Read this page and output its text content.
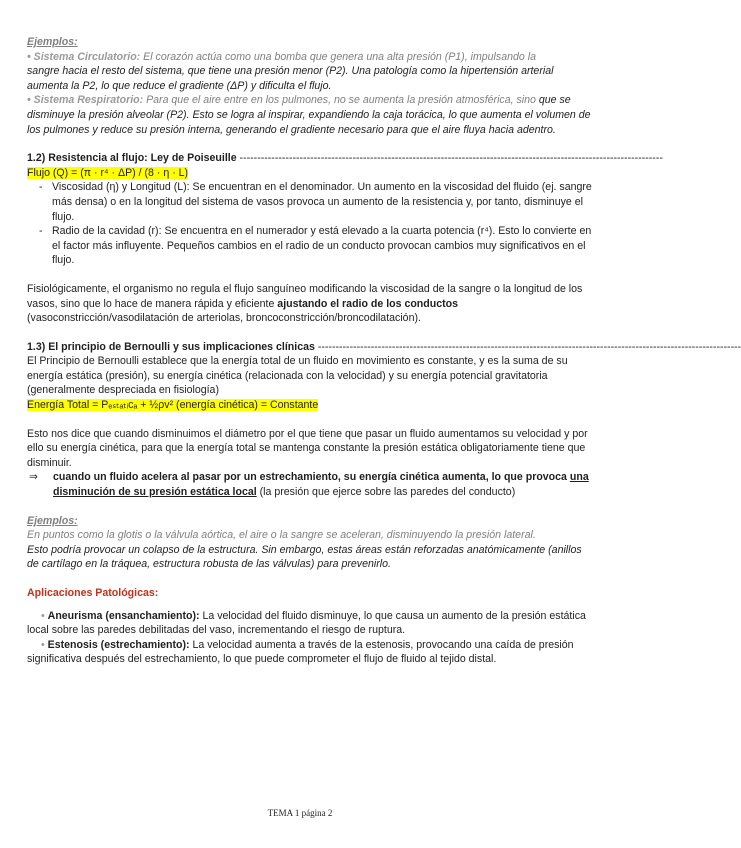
Ejemplos:

• Sistema Circulatorio: El corazón actúa como una bomba que genera una alta presión (P1), impulsando la

sangre hacia el resto del sistema, que tiene una presión menor (P2). Una patología como la hipertensión arterial aumenta la P2, lo que reduce el gradiente (ΔP) y dificulta el flujo.

• Sistema Respiratorio: Para que el aire entre en los pulmones, no se aumenta la presión atmosférica, sino que se disminuye la presión alveolar (P2). Esto se logra al inspirar, expandiendo la caja torácica, lo que aumenta el volumen de los pulmones y reduce su presión interna, generando el gradiente necesario para que el aire fluya hacia adentro.

1.2) Resistencia al flujo: Ley de Poiseuille ------------------------------------------------------------------------------------------------------------------------

Flujo (Q) = (π · r⁴ · ΔP) / (8 · η · L)

- Viscosidad (η) y Longitud (L): Se encuentran en el denominador. Un aumento en la viscosidad del fluido (ej. sangre más densa) o en la longitud del sistema de vasos provoca un aumento de la resistencia y, por tanto, disminuye el flujo.
- Radio de la cavidad (r): Se encuentra en el numerador y está elevado a la cuarta potencia (r⁴). Esto lo convierte en el factor más influyente. Pequeños cambios en el radio de un conducto provocan cambios muy significativos en el flujo.

Fisiológicamente, el organismo no regula el flujo sanguíneo modificando la viscosidad de la sangre o la longitud de los vasos, sino que lo hace de manera rápida y eficiente ajustando el radio de los conductos (vasoconstricción/vasodilatación de arteriolas, broncoconstricción/broncodilatación).

1.3) El principio de Bernoulli y sus implicaciones clínicas ------------------------------------------------------------------------------------------------------------------------

El Principio de Bernoulli establece que la energía total de un fluido en movimiento es constante, y es la suma de su energía estática (presión), su energía cinética (relacionada con la velocidad) y su energía potencial gravitatoria (generalmente despreciada en fisiología)

Energía Total = Pₑₛₜₐₜᵢcₐ + ½ρv² (energía cinética) = Constante

Esto nos dice que cuando disminuimos el diámetro por el que tiene que pasar un fluido aumentamos su velocidad y por ello su energía cinética, para que la energía total se mantenga constante la presión estática obligatoriamente tiene que disminuir.

⇒ cuando un fluido acelera al pasar por un estrechamiento, su energía cinética aumenta, lo que provoca una disminución de su presión estática local (la presión que ejerce sobre las paredes del conducto)

Ejemplos:

En puntos como la glotis o la válvula aórtica, el aire o la sangre se aceleran, disminuyendo la presión lateral.

Esto podría provocar un colapso de la estructura. Sin embargo, estas áreas están reforzadas anatómicamente (anillos de cartílago en la tráquea, estructura robusta de las válvulas) para prevenirlo.

Aplicaciones Patológicas:

• Aneurisma (ensanchamiento): La velocidad del fluido disminuye, lo que causa un aumento de la presión estática local sobre las paredes debilitadas del vaso, incrementando el riesgo de ruptura.

• Estenosis (estrechamiento): La velocidad aumenta a través de la estenosis, provocando una caída de presión significativa después del estrechamiento, lo que puede comprometer el flujo de fluido al tejido distal.

TEMA 1 página 2
